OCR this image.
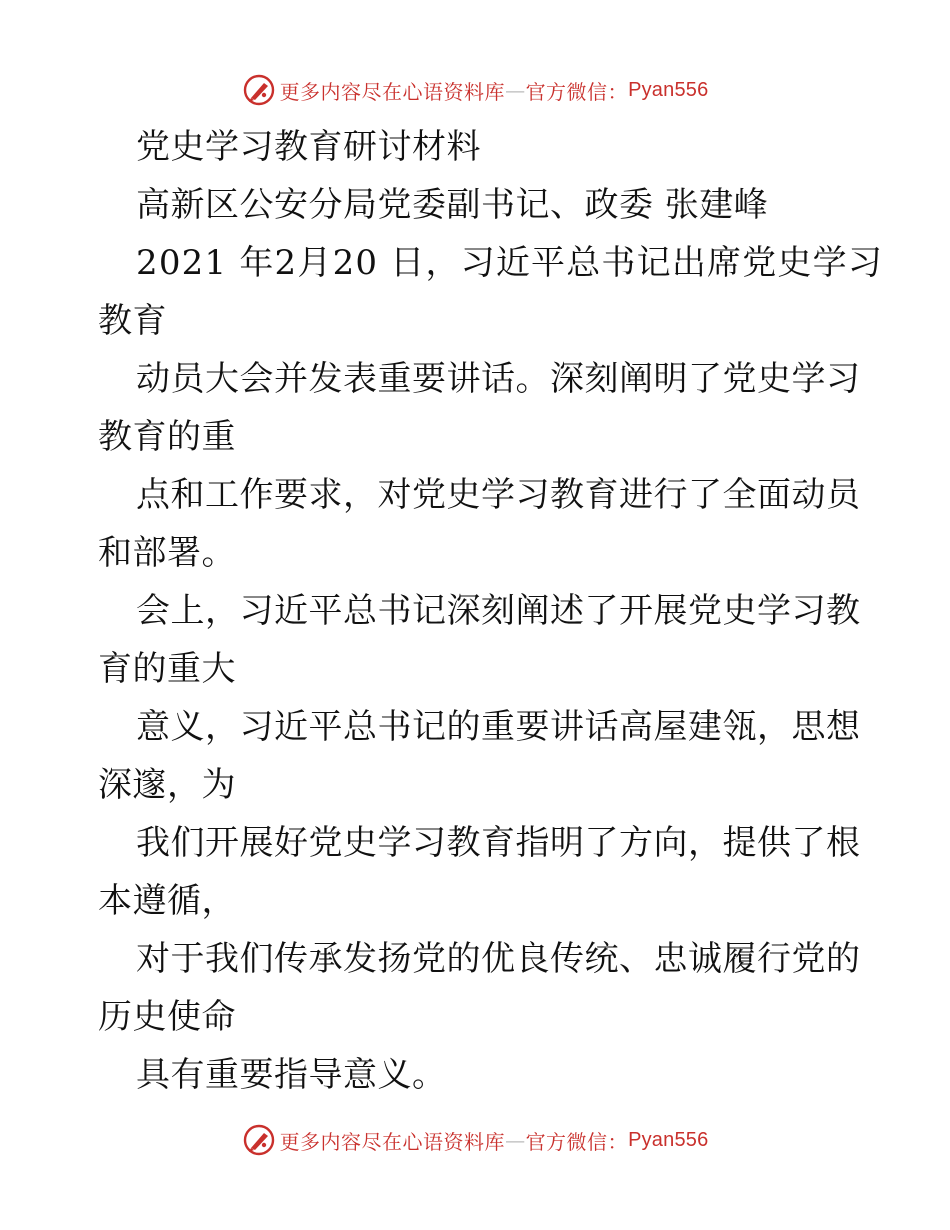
更多内容尽在心语资料库 — 官方微信： Pyan556
党史学习教育研讨材料
高新区公安分局党委副书记、政委 张建峰
2021 年2月20 日，习近平总书记出席党史学习
教育
动员大会并发表重要讲话。深刻阐明了党史学习
教育的重
点和工作要求，对党史学习教育进行了全面动员
和部署。
会上，习近平总书记深刻阐述了开展党史学习教
育的重大
意义，习近平总书记的重要讲话高屋建瓴，思想
深邃，为
我们开展好党史学习教育指明了方向，提供了根
本遵循，
对于我们传承发扬党的优良传统、忠诚履行党的
历史使命
具有重要指导意义。
更多内容尽在心语资料库 — 官方微信： Pyan556
